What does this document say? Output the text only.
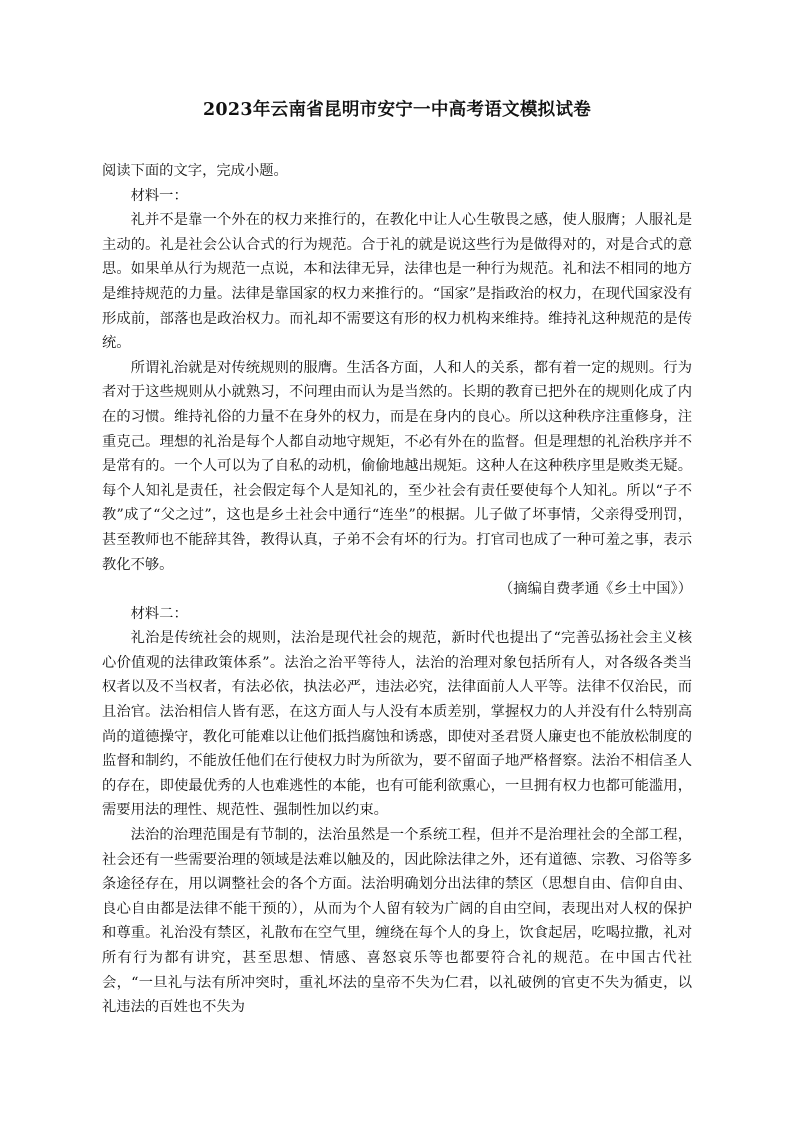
2023年云南省昆明市安宁一中高考语文模拟试卷
阅读下面的文字，完成小题。
材料一：

礼并不是靠一个外在的权力来推行的，在教化中让人心生敬畏之感，使人服膺；人服礼是主动的。礼是社会公认合式的行为规范。合于礼的就是说这些行为是做得对的，对是合式的意思。如果单从行为规范一点说，本和法律无异，法律也是一种行为规范。礼和法不相同的地方是维持规范的力量。法律是靠国家的权力来推行的。“国家”是指政治的权力，在现代国家没有形成前，部落也是政治权力。而礼却不需要这有形的权力机构来维持。维持礼这种规范的是传统。

所谓礼治就是对传统规则的服膺。生活各方面，人和人的关系，都有着一定的规则。行为者对于这些规则从小就熟习，不问理由而认为是当然的。长期的教育已把外在的规则化成了内在的习惯。维持礼俗的力量不在身外的权力，而是在身内的良心。所以这种秩序注重修身，注重克己。理想的礼治是每个人都自动地守规矩，不必有外在的监督。但是理想的礼治秩序并不是常有的。一个人可以为了自私的动机，偷偷地越出规矩。这种人在这种秩序里是败类无疑。每个人知礼是责任，社会假定每个人是知礼的，至少社会有责任要使每个人知礼。所以“子不教”成了“父之过”，这也是乡土社会中通行“连坐”的根据。儿子做了坏事情，父亲得受刑罚，甚至教师也不能辞其咎，教得认真，子弟不会有坏的行为。打官司也成了一种可羞之事，表示教化不够。

（摘编自费孝通《乡土中国》）
材料二：

礼治是传统社会的规则，法治是现代社会的规范，新时代也提出了“完善弘扬社会主义核心价值观的法律政策体系”。法治之治平等待人，法治的治理对象包括所有人，对各级各类当权者以及不当权者，有法必依，执法必严，违法必究，法律面前人人平等。法律不仅治民，而且治官。法治相信人皆有恶，在这方面人与人没有本质差别，掌握权力的人并没有什么特别高尚的道德操守，教化可能难以让他们抵挡腐蚀和诱惑，即使对圣君贤人廉吏也不能放松制度的监督和制约，不能放任他们在行使权力时为所欲为，要不留面子地严格督察。法治不相信圣人的存在，即使最优秀的人也难逃性的本能，也有可能利欲熏心，一旦拥有权力也都可能滥用，需要用法的理性、规范性、强制性加以约束。

法治的治理范围是有节制的，法治虽然是一个系统工程，但并不是治理社会的全部工程，社会还有一些需要治理的领域是法难以触及的，因此除法律之外，还有道德、宗教、习俗等多条途径存在，用以调整社会的各个方面。法治明确划分出法律的禁区（思想自由、信仰自由、良心自由都是法律不能干预的），从而为个人留有较为广阔的自由空间，表现出对人权的保护和尊重。礼治没有禁区，礼散布在空气里，缠绕在每个人的身上，饮食起居，吃喝拉撒，礼对所有行为都有讲究，甚至思想、情感、喜怒哀乐等也都要符合礼的规范。在中国古代社会，“一旦礼与法有所冲突时，重礼坏法的皇帝不失为仁君，以礼破例的官吏不失为循吏，以礼违法的百姓也不失为
